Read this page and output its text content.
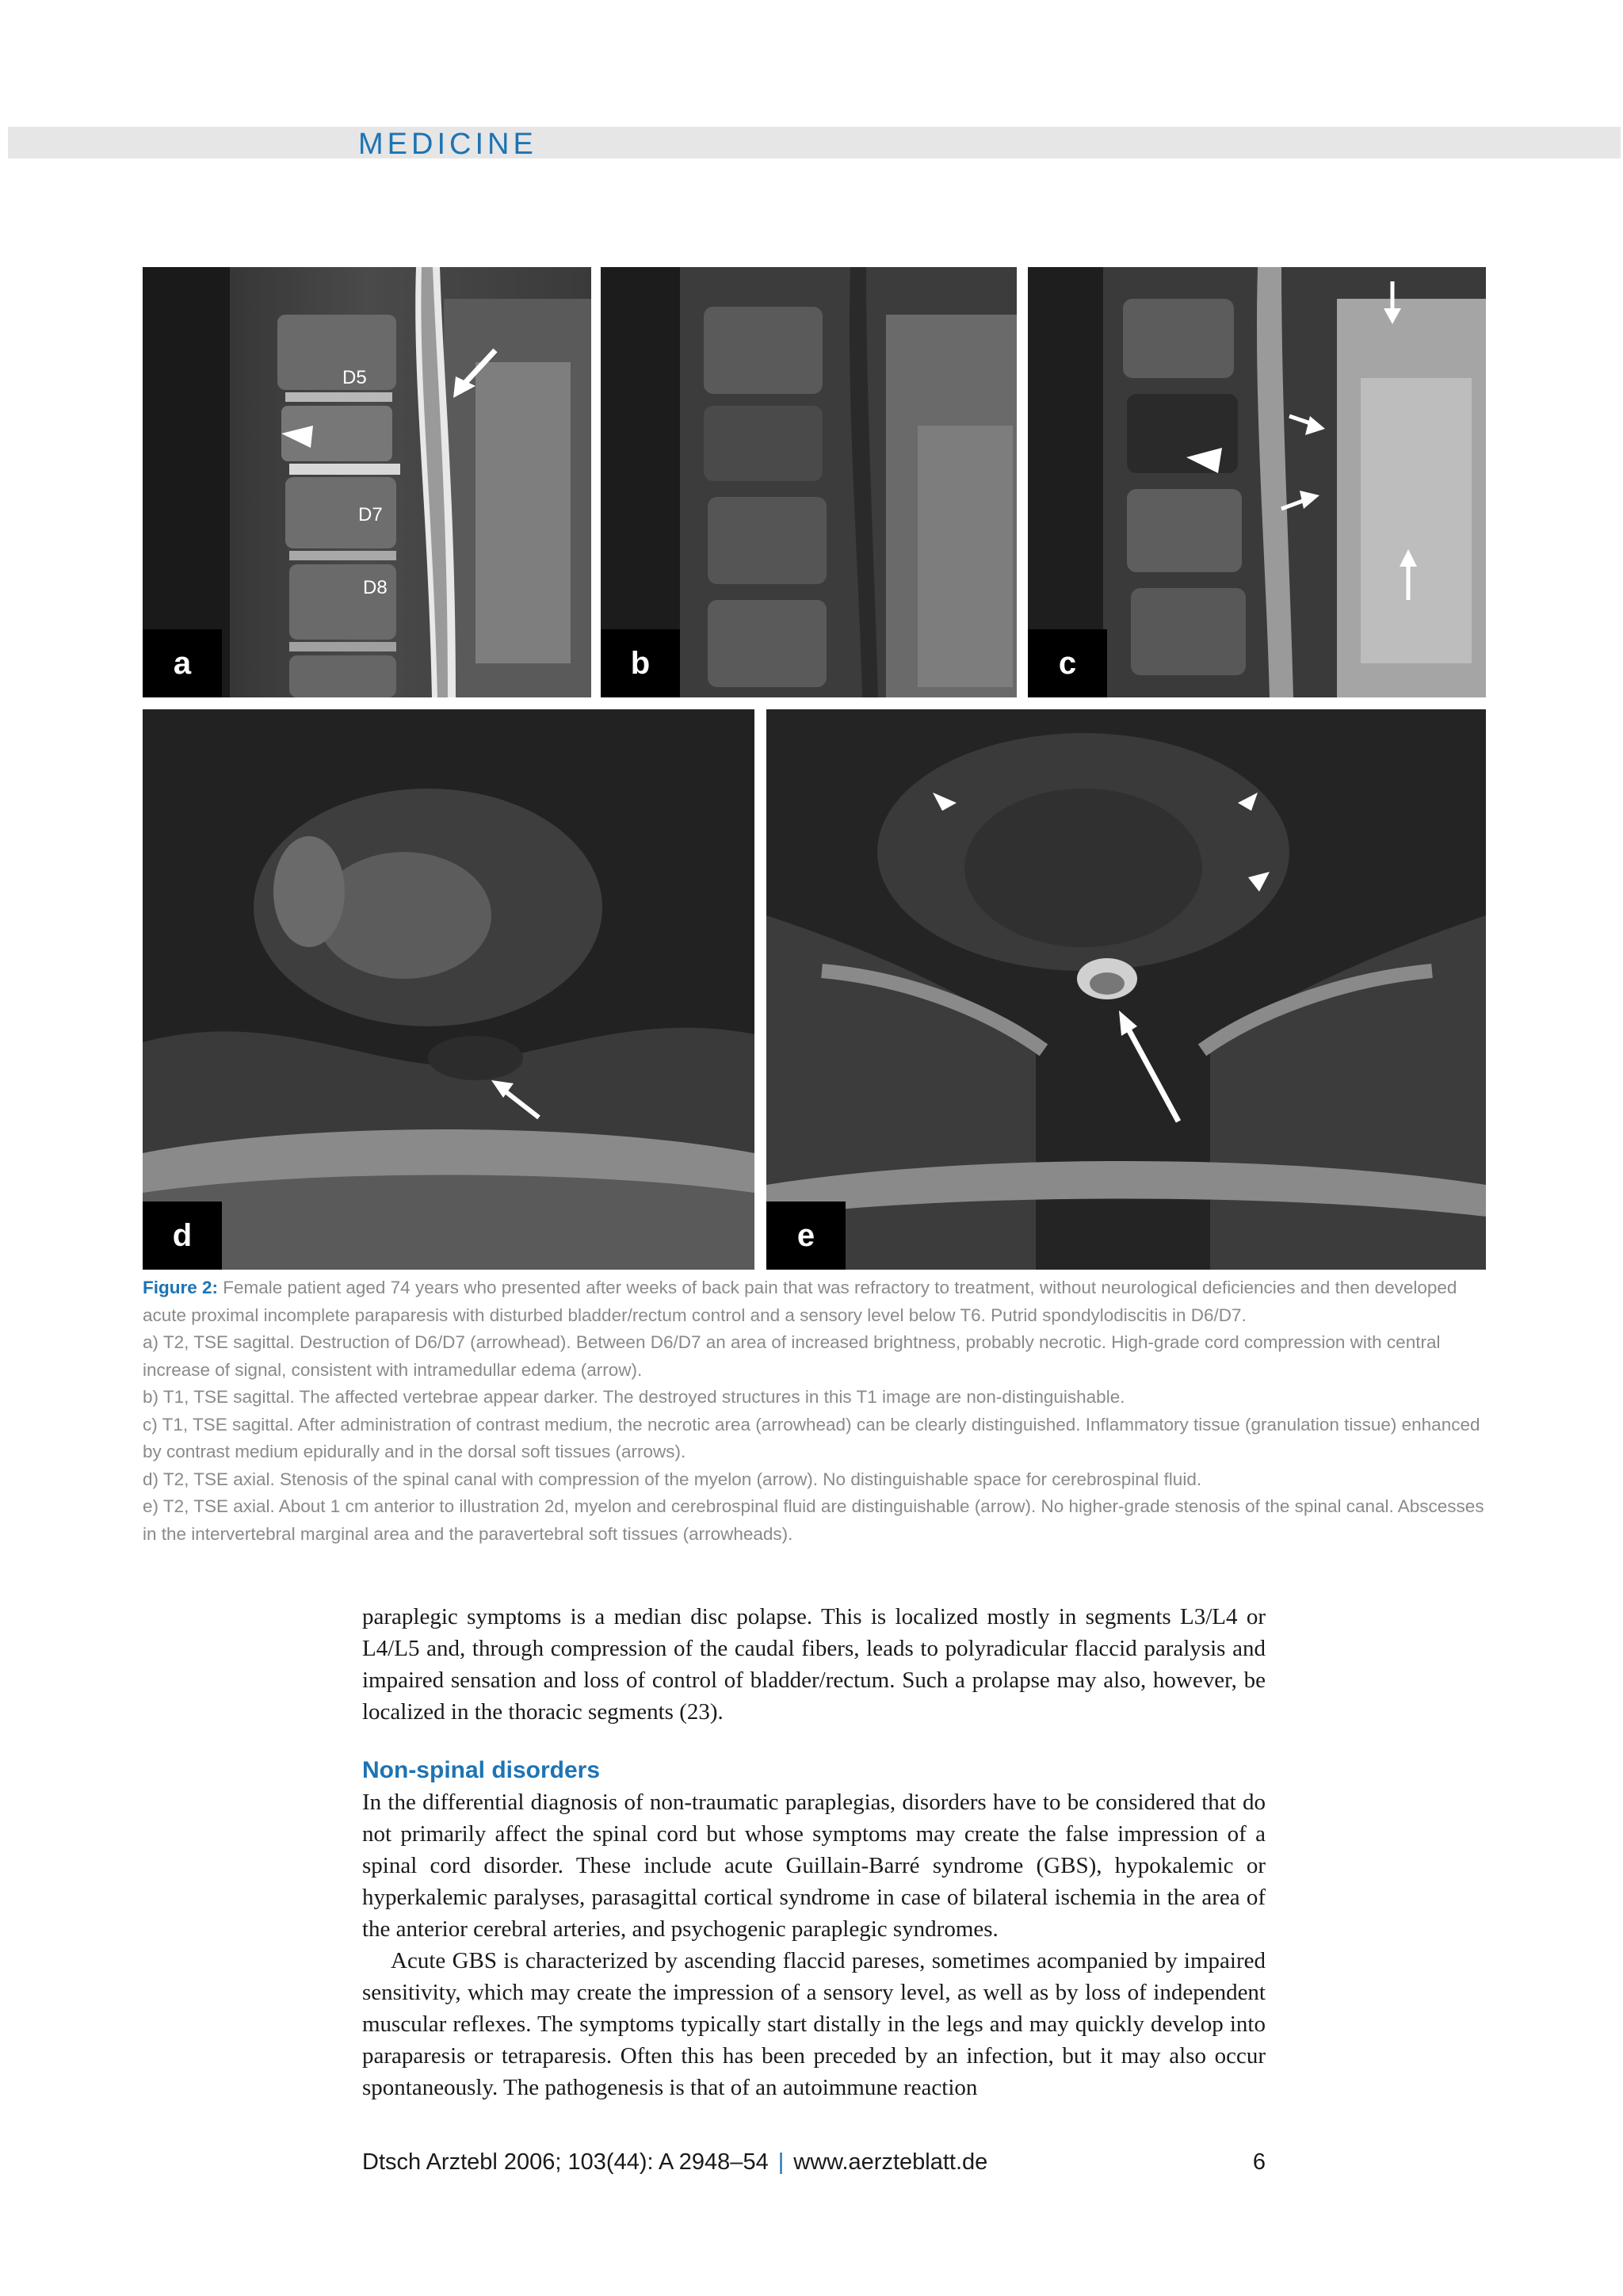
MEDICINE
D5
D7
D8
a	b	c
d	e

Figure 2: Female patient aged 74 years who presented after weeks of back pain that was refractory to treatment, without neurological deficiencies and then developed acute proximal incomplete paraparesis with disturbed bladder/rectum control and a sensory level below T6. Putrid spondylodiscitis in D6/D7.

a) T2, TSE sagittal. Destruction of D6/D7 (arrowhead). Between D6/D7 an area of increased brightness, probably necrotic. High-grade cord compression with central increase of signal, consistent with intramedullar edema (arrow).

b) T1, TSE sagittal. The affected vertebrae appear darker. The destroyed structures in this T1 image are non-distinguishable.

c) T1, TSE sagittal. After administration of contrast medium, the necrotic area (arrowhead) can be clearly distinguished. Inflammatory tissue (granulation tissue) enhanced by contrast medium epidurally and in the dorsal soft tissues (arrows).

d) T2, TSE axial. Stenosis of the spinal canal with compression of the myelon (arrow). No distinguishable space for cerebrospinal fluid.

e) T2, TSE axial. About 1 cm anterior to illustration 2d, myelon and cerebrospinal fluid are distinguishable (arrow). No higher-grade stenosis of the spinal canal. Abscesses in the intervertebral marginal area and the paravertebral soft tissues (arrowheads).

paraplegic symptoms is a median disc polapse. This is localized mostly in segments L3/L4 or L4/L5 and, through compression of the caudal fibers, leads to polyradicular flaccid paralysis and impaired sensation and loss of control of bladder/rectum. Such a prolapse may also, however, be localized in the thoracic segments (23).

Non-spinal disorders

In the differential diagnosis of non-traumatic paraplegias, disorders have to be considered that do not primarily affect the spinal cord but whose symptoms may create the false impression of a spinal cord disorder. These include acute Guillain-Barré syndrome (GBS), hypokalemic or hyperkalemic paralyses, parasagittal cortical syndrome in case of bilateral ischemia in the area of the anterior cerebral arteries, and psychogenic paraplegic syndromes.

Acute GBS is characterized by ascending flaccid pareses, sometimes acompanied by impaired sensitivity, which may create the impression of a sensory level, as well as by loss of independent muscular reflexes. The symptoms typically start distally in the legs and may quickly develop into paraparesis or tetraparesis. Often this has been preceded by an infection, but it may also occur spontaneously. The pathogenesis is that of an autoimmune reaction

Dtsch Arztebl 2006; 103(44): A 2948–54 | www.aerzteblatt.de	6
